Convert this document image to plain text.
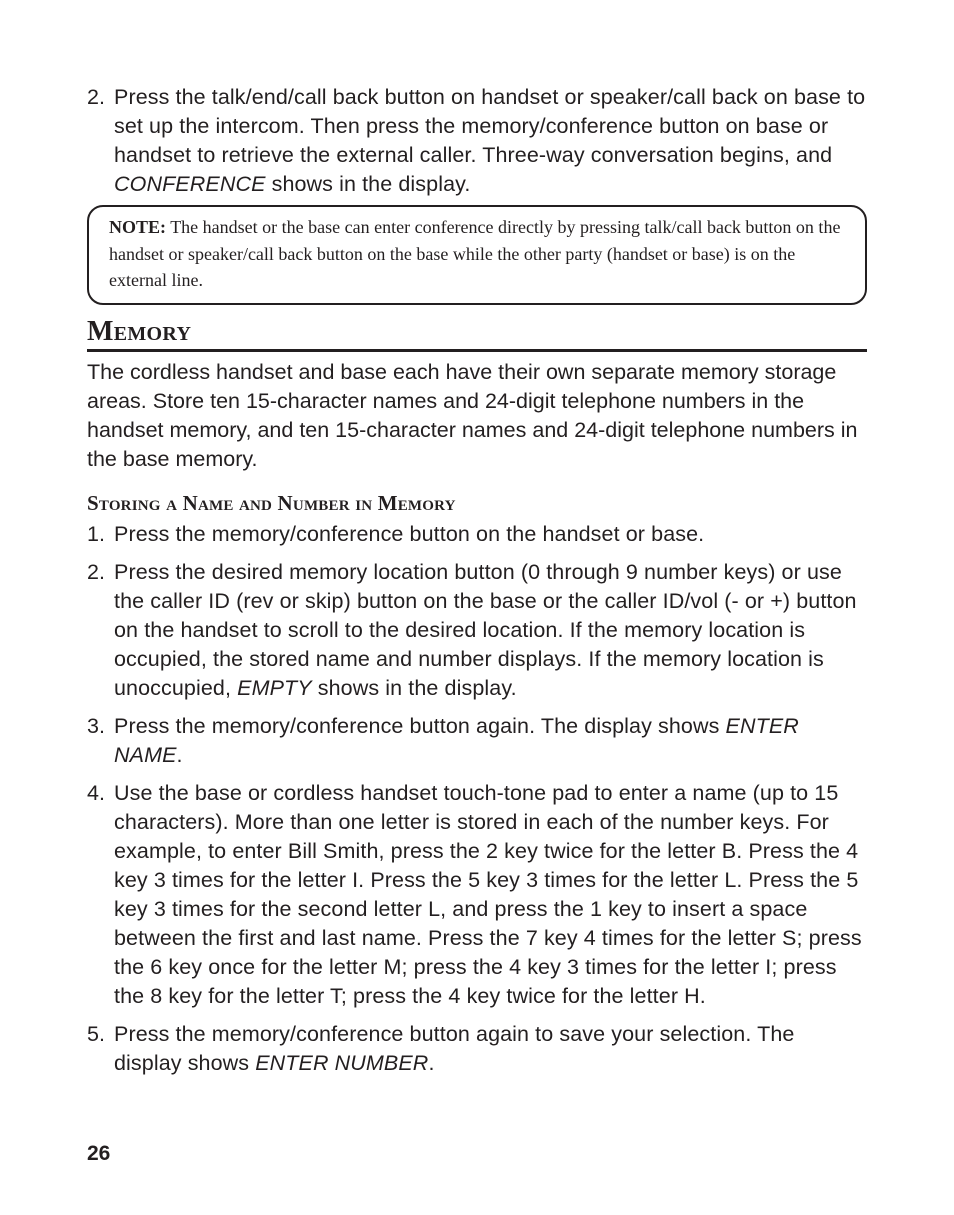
2. Press the talk/end/call back button on handset or speaker/call back on base to set up the intercom. Then press the memory/conference button on base or handset to retrieve the external caller. Three-way conversation begins, and CONFERENCE shows in the display.

NOTE: The handset or the base can enter conference directly by pressing talk/call back button on the handset or speaker/call back button on the base while the other party (handset or base) is on the external line.
Memory

The cordless handset and base each have their own separate memory storage areas. Store ten 15-character names and 24-digit telephone numbers in the handset memory, and ten 15-character names and 24-digit telephone numbers in the base memory.

Storing a Name and Number in Memory

1. Press the memory/conference button on the handset or base.

2. Press the desired memory location button (0 through 9 number keys) or use the caller ID (rev or skip) button on the base or the caller ID/vol (- or +) button on the handset to scroll to the desired location. If the memory location is occupied, the stored name and number displays. If the memory location is unoccupied, EMPTY shows in the display.

3. Press the memory/conference button again. The display shows ENTER NAME.

4. Use the base or cordless handset touch-tone pad to enter a name (up to 15 characters). More than one letter is stored in each of the number keys. For example, to enter Bill Smith, press the 2 key twice for the letter B. Press the 4 key 3 times for the letter I. Press the 5 key 3 times for the letter L. Press the 5 key 3 times for the second letter L, and press the 1 key to insert a space between the first and last name. Press the 7 key 4 times for the letter S; press the 6 key once for the letter M; press the 4 key 3 times for the letter I; press the 8 key for the letter T; press the 4 key twice for the letter H.

5. Press the memory/conference button again to save your selection. The display shows ENTER NUMBER.

26
